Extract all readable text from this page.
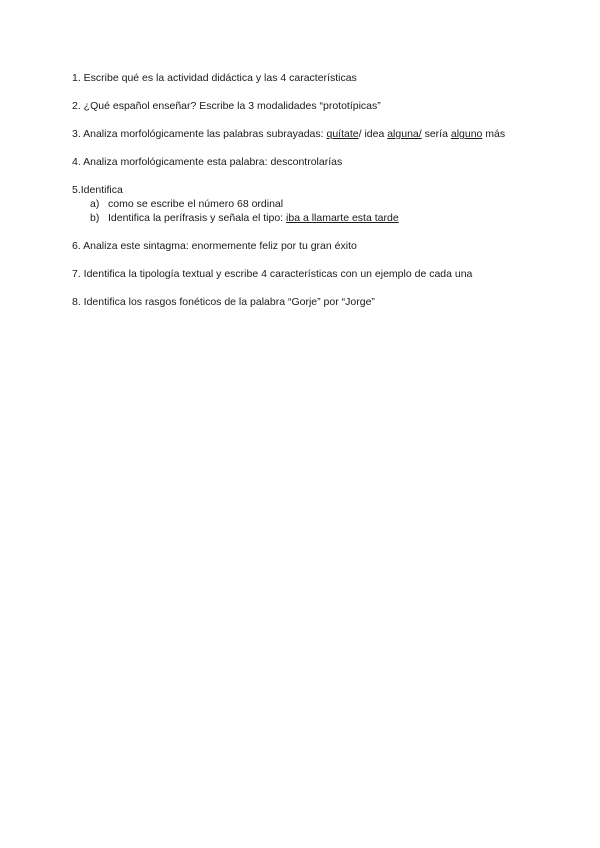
1. Escribe qué es la actividad didáctica y las 4 características

2. ¿Qué español enseñar? Escribe la 3 modalidades “prototípicas”

3. Analiza morfológicamente las palabras subrayadas: quítate/ idea alguna/ sería alguno más

4. Analiza morfológicamente esta palabra: descontrolarías

5.Identifica
a) como se escribe el número 68 ordinal
b) Identifica la perífrasis y señala el tipo: iba a llamarte esta tarde

6. Analiza este sintagma: enormemente feliz por tu gran éxito

7. Identifica la tipología textual y escribe 4 características con un ejemplo de cada una

8. Identifica los rasgos fonéticos de la palabra “Gorje” por “Jorge”
